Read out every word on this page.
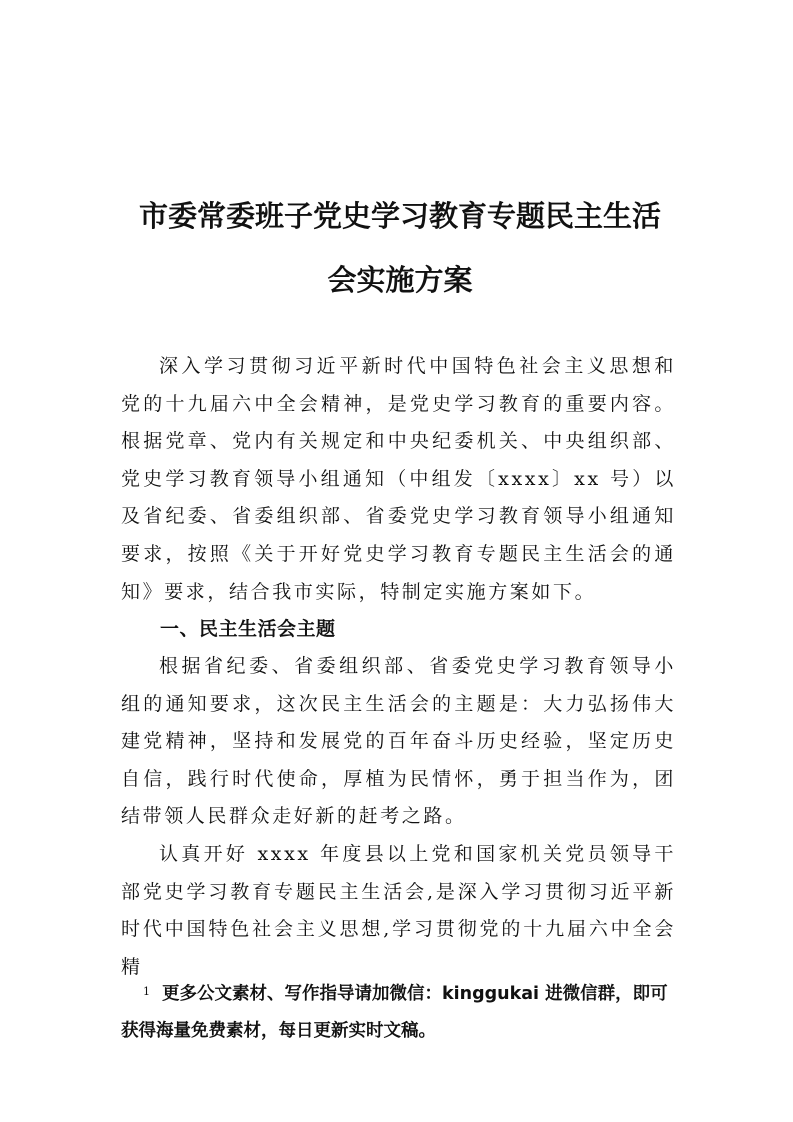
市委常委班子党史学习教育专题民主生活
会实施方案

深入学习贯彻习近平新时代中国特色社会主义思想和党的十九届六中全会精神，是党史学习教育的重要内容。根据党章、党内有关规定和中央纪委机关、中央组织部、党史学习教育领导小组通知（中组发〔xxxx〕xx 号）以及省纪委、省委组织部、省委党史学习教育领导小组通知要求，按照《关于开好党史学习教育专题民主生活会的通知》要求，结合我市实际，特制定实施方案如下。

一、民主生活会主题

根据省纪委、省委组织部、省委党史学习教育领导小组的通知要求，这次民主生活会的主题是：大力弘扬伟大建党精神，坚持和发展党的百年奋斗历史经验，坚定历史自信，践行时代使命，厚植为民情怀，勇于担当作为，团结带领人民群众走好新的赶考之路。

认真开好 xxxx 年度县以上党和国家机关党员领导干部党史学习教育专题民主生活会,是深入学习贯彻习近平新时代中国特色社会主义思想,学习贯彻党的十九届六中全会精

1 更多公文素材、写作指导请加微信：kinggukai 进微信群，即可获得海量免费素材，每日更新实时文稿。
